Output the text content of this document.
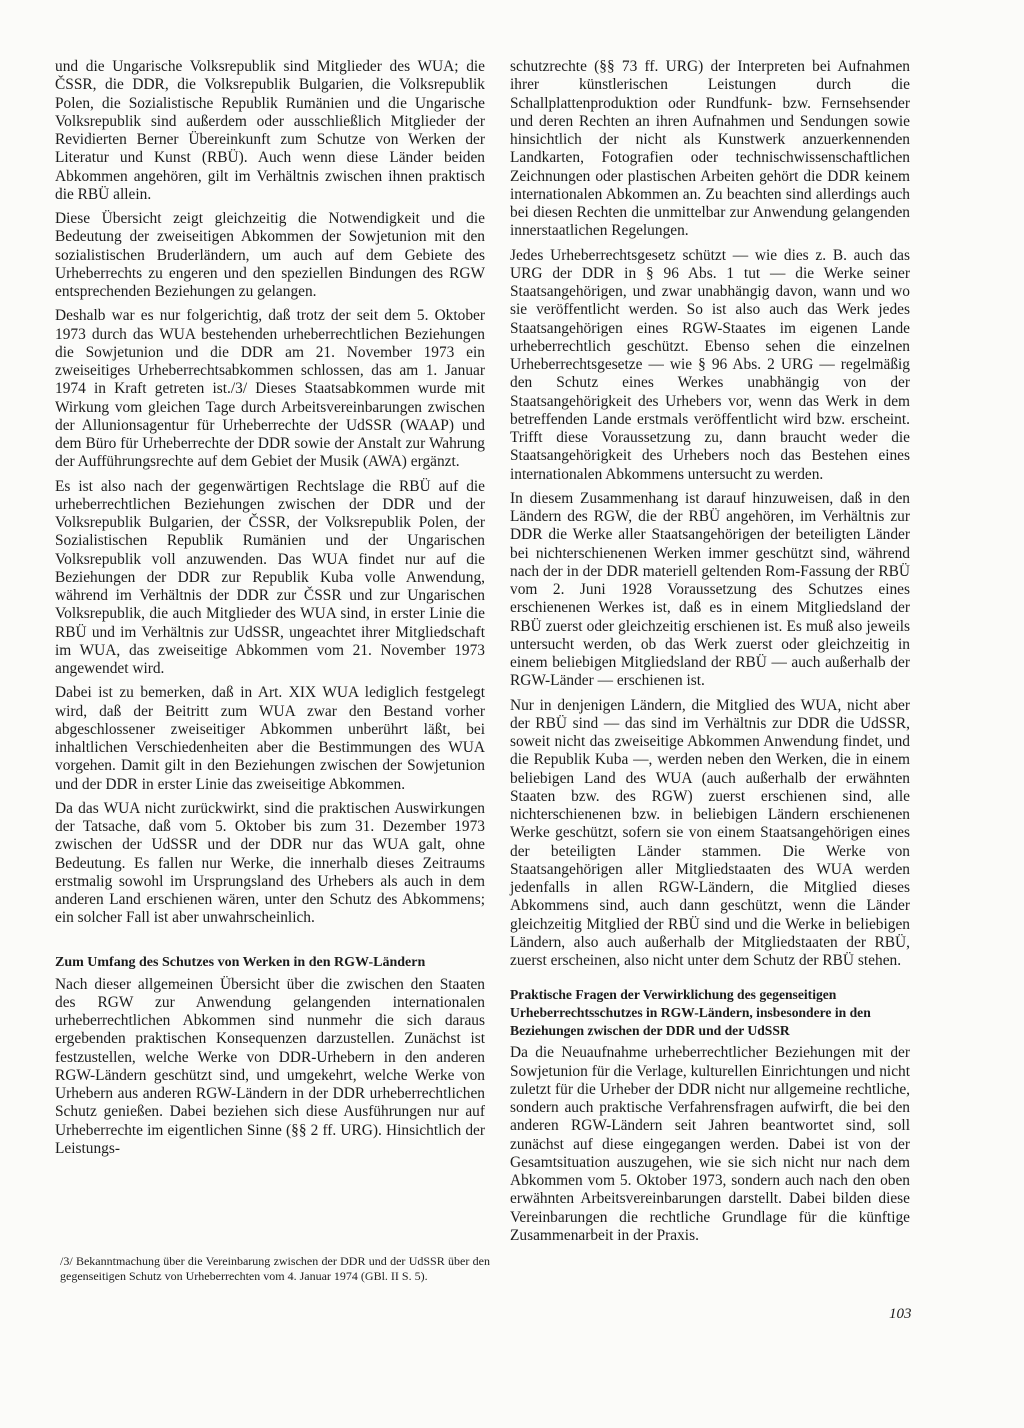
und die Ungarische Volksrepublik sind Mitglieder des WUA; die ČSSR, die DDR, die Volksrepublik Bulgarien, die Volksrepublik Polen, die Sozialistische Republik Rumänien und die Ungarische Volksrepublik sind außerdem oder ausschließlich Mitglieder der Revidierten Berner Übereinkunft zum Schutze von Werken der Literatur und Kunst (RBÜ). Auch wenn diese Länder beiden Abkommen angehören, gilt im Verhältnis zwischen ihnen praktisch die RBÜ allein.

Diese Übersicht zeigt gleichzeitig die Notwendigkeit und die Bedeutung der zweiseitigen Abkommen der Sowjetunion mit den sozialistischen Bruderländern, um auch auf dem Gebiete des Urheberrechts zu engeren und den speziellen Bindungen des RGW entsprechenden Beziehungen zu gelangen.

Deshalb war es nur folgerichtig, daß trotz der seit dem 5. Oktober 1973 durch das WUA bestehenden urheberrechtlichen Beziehungen die Sowjetunion und die DDR am 21. November 1973 ein zweiseitiges Urheberrechtsabkommen schlossen, das am 1. Januar 1974 in Kraft getreten ist./3/ Dieses Staatsabkommen wurde mit Wirkung vom gleichen Tage durch Arbeitsvereinbarungen zwischen der Allunionsagentur für Urheberrechte der UdSSR (WAAP) und dem Büro für Urheberrechte der DDR sowie der Anstalt zur Wahrung der Aufführungsrechte auf dem Gebiet der Musik (AWA) ergänzt.

Es ist also nach der gegenwärtigen Rechtslage die RBÜ auf die urheberrechtlichen Beziehungen zwischen der DDR und der Volksrepublik Bulgarien, der ČSSR, der Volksrepublik Polen, der Sozialistischen Republik Rumänien und der Ungarischen Volksrepublik voll anzuwenden. Das WUA findet nur auf die Beziehungen der DDR zur Republik Kuba volle Anwendung, während im Verhältnis der DDR zur ČSSR und zur Ungarischen Volksrepublik, die auch Mitglieder des WUA sind, in erster Linie die RBÜ und im Verhältnis zur UdSSR, ungeachtet ihrer Mitgliedschaft im WUA, das zweiseitige Abkommen vom 21. November 1973 angewendet wird.

Dabei ist zu bemerken, daß in Art. XIX WUA lediglich festgelegt wird, daß der Beitritt zum WUA zwar den Bestand vorher abgeschlossener zweiseitiger Abkommen unberührt läßt, bei inhaltlichen Verschiedenheiten aber die Bestimmungen des WUA vorgehen. Damit gilt in den Beziehungen zwischen der Sowjetunion und der DDR in erster Linie das zweiseitige Abkommen.

Da das WUA nicht zurückwirkt, sind die praktischen Auswirkungen der Tatsache, daß vom 5. Oktober bis zum 31. Dezember 1973 zwischen der UdSSR und der DDR nur das WUA galt, ohne Bedeutung. Es fallen nur Werke, die innerhalb dieses Zeitraums erstmalig sowohl im Ursprungsland des Urhebers als auch in dem anderen Land erschienen wären, unter den Schutz des Abkommens; ein solcher Fall ist aber unwahrscheinlich.

Zum Umfang des Schutzes von Werken in den RGW-Ländern

Nach dieser allgemeinen Übersicht über die zwischen den Staaten des RGW zur Anwendung gelangenden internationalen urheberrechtlichen Abkommen sind nunmehr die sich daraus ergebenden praktischen Konsequenzen darzustellen. Zunächst ist festzustellen, welche Werke von DDR-Urhebern in den anderen RGW-Ländern geschützt sind, und umgekehrt, welche Werke von Urhebern aus anderen RGW-Ländern in der DDR urheberrechtlichen Schutz genießen. Dabei beziehen sich diese Ausführungen nur auf Urheberrechte im eigentlichen Sinne (§§ 2 ff. URG). Hinsichtlich der Leistungs-

/3/ Bekanntmachung über die Vereinbarung zwischen der DDR und der UdSSR über den gegenseitigen Schutz von Urheberrechten vom 4. Januar 1974 (GBl. II S. 5).

schutzrechte (§§ 73 ff. URG) der Interpreten bei Aufnahmen ihrer künstlerischen Leistungen durch die Schallplattenproduktion oder Rundfunk- bzw. Fernsehsender und deren Rechten an ihren Aufnahmen und Sendungen sowie hinsichtlich der nicht als Kunstwerk anzuerkennenden Landkarten, Fotografien oder technischwissenschaftlichen Zeichnungen oder plastischen Arbeiten gehört die DDR keinem internationalen Abkommen an. Zu beachten sind allerdings auch bei diesen Rechten die unmittelbar zur Anwendung gelangenden innerstaatlichen Regelungen.

Jedes Urheberrechtsgesetz schützt — wie dies z. B. auch das URG der DDR in § 96 Abs. 1 tut — die Werke seiner Staatsangehörigen, und zwar unabhängig davon, wann und wo sie veröffentlicht werden. So ist also auch das Werk jedes Staatsangehörigen eines RGW-Staates im eigenen Lande urheberrechtlich geschützt. Ebenso sehen die einzelnen Urheberrechtsgesetze — wie § 96 Abs. 2 URG — regelmäßig den Schutz eines Werkes unabhängig von der Staatsangehörigkeit des Urhebers vor, wenn das Werk in dem betreffenden Lande erstmals veröffentlicht wird bzw. erscheint. Trifft diese Voraussetzung zu, dann braucht weder die Staatsangehörigkeit des Urhebers noch das Bestehen eines internationalen Abkommens untersucht zu werden.

In diesem Zusammenhang ist darauf hinzuweisen, daß in den Ländern des RGW, die der RBÜ angehören, im Verhältnis zur DDR die Werke aller Staatsangehörigen der beteiligten Länder bei nichterschienenen Werken immer geschützt sind, während nach der in der DDR materiell geltenden Rom-Fassung der RBÜ vom 2. Juni 1928 Voraussetzung des Schutzes eines erschienenen Werkes ist, daß es in einem Mitgliedsland der RBÜ zuerst oder gleichzeitig erschienen ist. Es muß also jeweils untersucht werden, ob das Werk zuerst oder gleichzeitig in einem beliebigen Mitgliedsland der RBÜ — auch außerhalb der RGW-Länder — erschienen ist.

Nur in denjenigen Ländern, die Mitglied des WUA, nicht aber der RBÜ sind — das sind im Verhältnis zur DDR die UdSSR, soweit nicht das zweiseitige Abkommen Anwendung findet, und die Republik Kuba —, werden neben den Werken, die in einem beliebigen Land des WUA (auch außerhalb der erwähnten Staaten bzw. des RGW) zuerst erschienen sind, alle nichterschienenen bzw. in beliebigen Ländern erschienenen Werke geschützt, sofern sie von einem Staatsangehörigen eines der beteiligten Länder stammen. Die Werke von Staatsangehörigen aller Mitgliedstaaten des WUA werden jedenfalls in allen RGW-Ländern, die Mitglied dieses Abkommens sind, auch dann geschützt, wenn die Länder gleichzeitig Mitglied der RBÜ sind und die Werke in beliebigen Ländern, also auch außerhalb der Mitgliedstaaten der RBÜ, zuerst erscheinen, also nicht unter dem Schutz der RBÜ stehen.

Praktische Fragen der Verwirklichung des gegenseitigen Urheberrechtsschutzes in RGW-Ländern, insbesondere in den Beziehungen zwischen der DDR und der UdSSR

Da die Neuaufnahme urheberrechtlicher Beziehungen mit der Sowjetunion für die Verlage, kulturellen Einrichtungen und nicht zuletzt für die Urheber der DDR nicht nur allgemeine rechtliche, sondern auch praktische Verfahrensfragen aufwirft, die bei den anderen RGW-Ländern seit Jahren beantwortet sind, soll zunächst auf diese eingegangen werden. Dabei ist von der Gesamtsituation auszugehen, wie sie sich nicht nur nach dem Abkommen vom 5. Oktober 1973, sondern auch nach den oben erwähnten Arbeitsvereinbarungen darstellt. Dabei bilden diese Vereinbarungen die rechtliche Grundlage für die künftige Zusammenarbeit in der Praxis.

103
